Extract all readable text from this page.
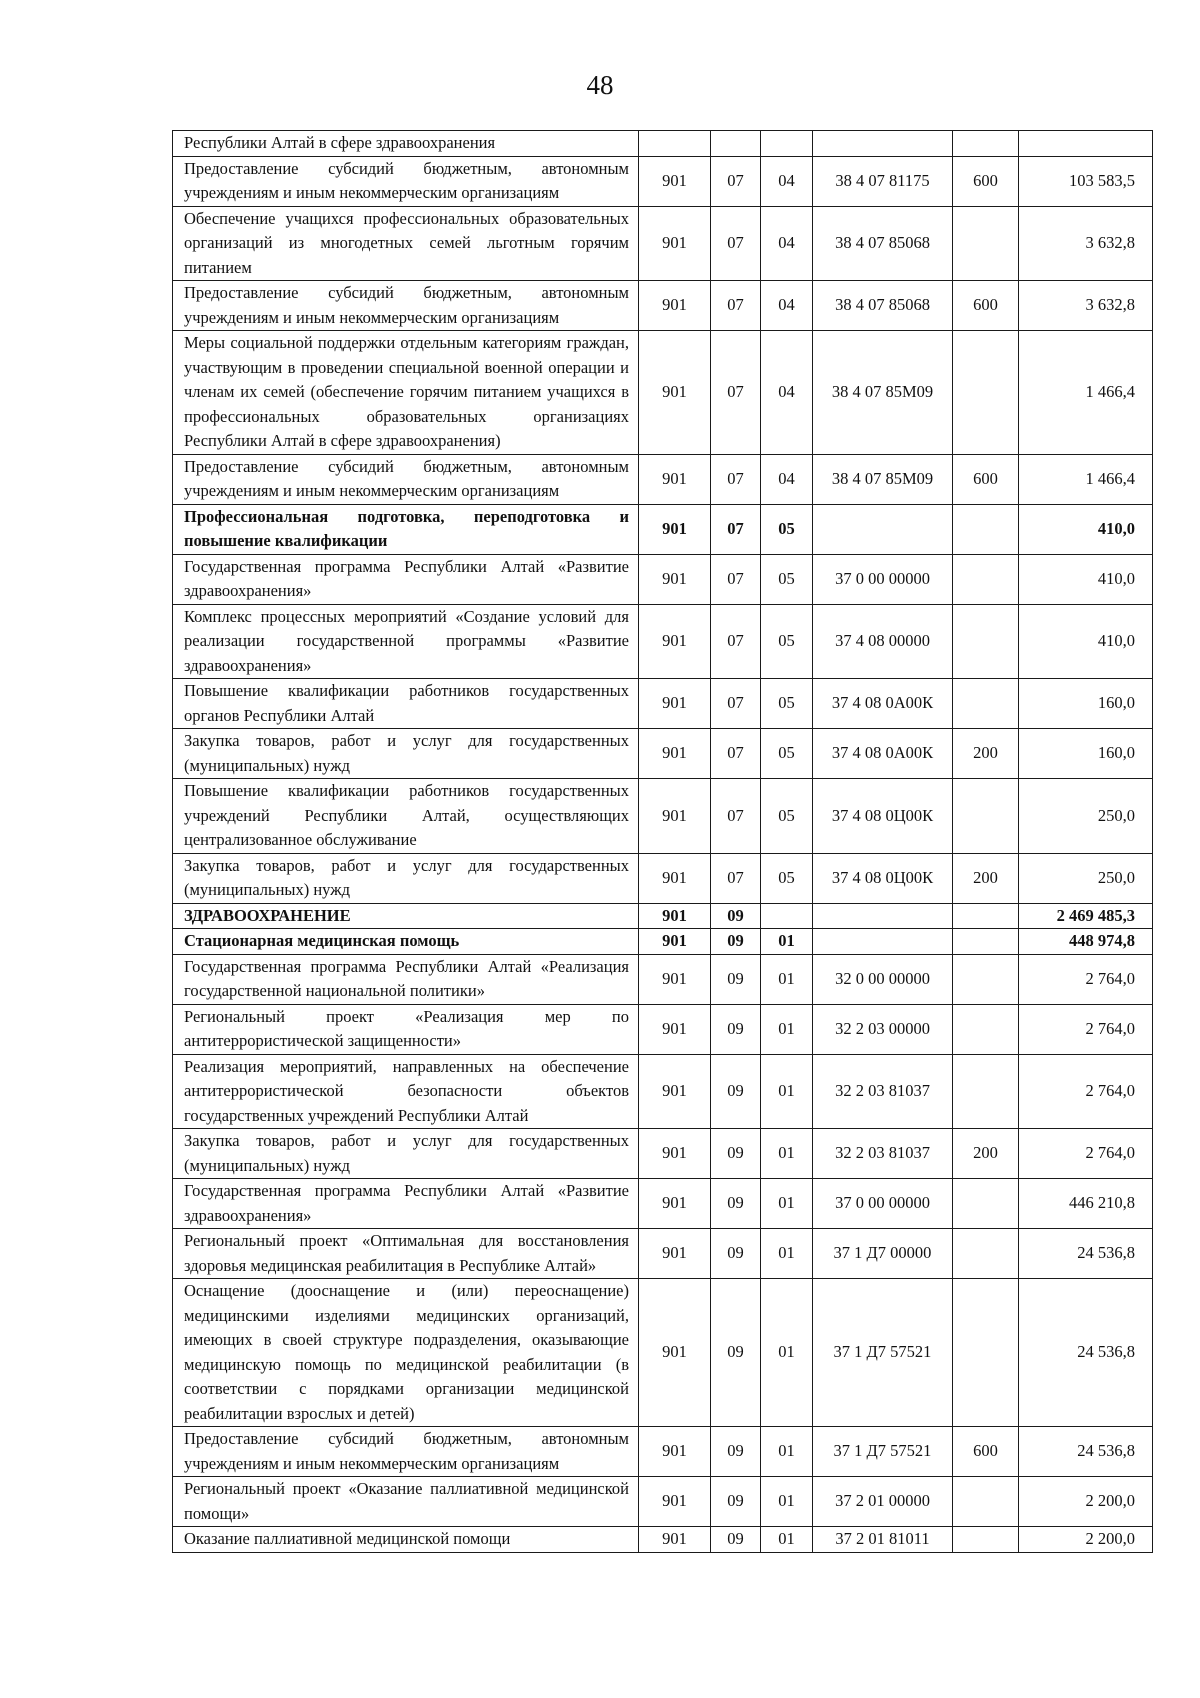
48
Республики Алтай в сфере здравоохранения						
Предоставление субсидий бюджетным, автономным учреждениям и иным некоммерческим организациям	901	07	04	38 4 07 81175	600	103 583,5
Обеспечение учащихся профессиональных образовательных организаций из многодетных семей льготным горячим питанием	901	07	04	38 4 07 85068		3 632,8
Предоставление субсидий бюджетным, автономным учреждениям и иным некоммерческим организациям	901	07	04	38 4 07 85068	600	3 632,8
Меры социальной поддержки отдельным категориям граждан, участвующим в проведении специальной военной операции и членам их семей (обеспечение горячим питанием учащихся в профессиональных образовательных организациях Республики Алтай в сфере здравоохранения)	901	07	04	38 4 07 85М09		1 466,4
Предоставление субсидий бюджетным, автономным учреждениям и иным некоммерческим организациям	901	07	04	38 4 07 85М09	600	1 466,4
Профессиональная подготовка, переподготовка и повышение квалификации	901	07	05			410,0
Государственная программа Республики Алтай «Развитие здравоохранения»	901	07	05	37 0 00 00000		410,0
Комплекс процессных мероприятий «Создание условий для реализации государственной программы «Развитие здравоохранения»	901	07	05	37 4 08 00000		410,0
Повышение квалификации работников государственных органов Республики Алтай	901	07	05	37 4 08 0А00К		160,0
Закупка товаров, работ и услуг для государственных (муниципальных) нужд	901	07	05	37 4 08 0А00К	200	160,0
Повышение квалификации работников государственных учреждений Республики Алтай, осуществляющих централизованное обслуживание	901	07	05	37 4 08 0Ц00К		250,0
Закупка товаров, работ и услуг для государственных (муниципальных) нужд	901	07	05	37 4 08 0Ц00К	200	250,0
ЗДРАВООХРАНЕНИЕ	901	09				2 469 485,3
Стационарная медицинская помощь	901	09	01			448 974,8
Государственная программа Республики Алтай «Реализация государственной национальной политики»	901	09	01	32 0 00 00000		2 764,0
Региональный проект «Реализация мер по антитеррористической защищенности»	901	09	01	32 2 03 00000		2 764,0
Реализация мероприятий, направленных на обеспечение антитеррористической безопасности объектов государственных учреждений Республики Алтай	901	09	01	32 2 03 81037		2 764,0
Закупка товаров, работ и услуг для государственных (муниципальных) нужд	901	09	01	32 2 03 81037	200	2 764,0
Государственная программа Республики Алтай «Развитие здравоохранения»	901	09	01	37 0 00 00000		446 210,8
Региональный проект «Оптимальная для восстановления здоровья медицинская реабилитация в Республике Алтай»	901	09	01	37 1 Д7 00000		24 536,8
Оснащение (дооснащение и (или) переоснащение) медицинскими изделиями медицинских организаций, имеющих в своей структуре подразделения, оказывающие медицинскую помощь по медицинской реабилитации (в соответствии с порядками организации медицинской реабилитации взрослых и детей)	901	09	01	37 1 Д7 57521		24 536,8
Предоставление субсидий бюджетным, автономным учреждениям и иным некоммерческим организациям	901	09	01	37 1 Д7 57521	600	24 536,8
Региональный проект «Оказание паллиативной медицинской помощи»	901	09	01	37 2 01 00000		2 200,0
Оказание паллиативной медицинской помощи	901	09	01	37 2 01 81011		2 200,0
